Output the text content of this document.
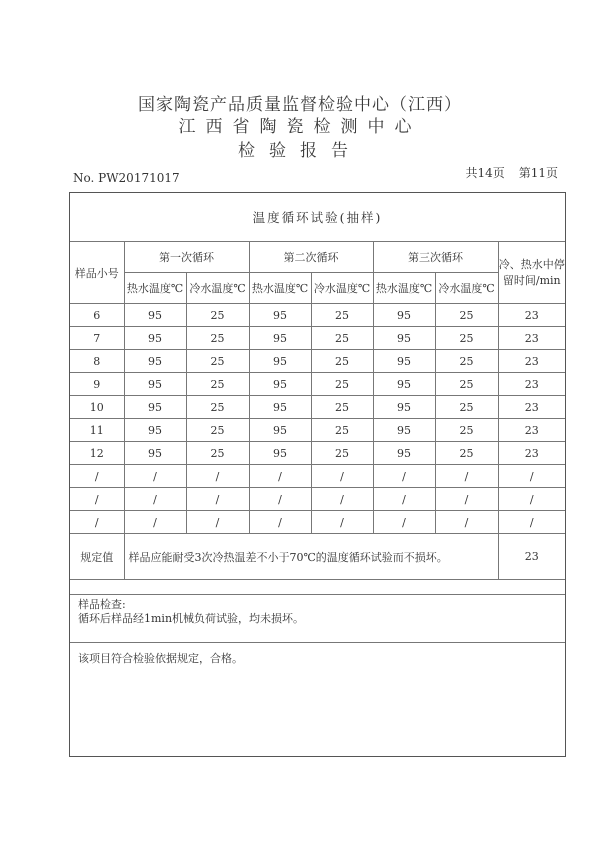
国家陶瓷产品质量监督检验中心（江西）
江西省陶瓷检测中心
检验报告
No. PW20171017	共14页 第11页
温度循环试验(抽样)							
样品小号	第一次循环		第二次循环		第三次循环		冷、热水中停留时间/min
	热水温度℃	冷水温度℃	热水温度℃	冷水温度℃	热水温度℃	冷水温度℃	
6	95	25	95	25	95	25	23
7	95	25	95	25	95	25	23
8	95	25	95	25	95	25	23
9	95	25	95	25	95	25	23
10	95	25	95	25	95	25	23
11	95	25	95	25	95	25	23
12	95	25	95	25	95	25	23
/	/	/	/	/	/	/	/
/	/	/	/	/	/	/	/
/	/	/	/	/	/	/	/
规定值	样品应能耐受3次冷热温差不小于70℃的温度循环试验而不损坏。						23
样品检查:
循环后样品经1min机械负荷试验，均未损坏。
该项目符合检验依据规定，合格。
